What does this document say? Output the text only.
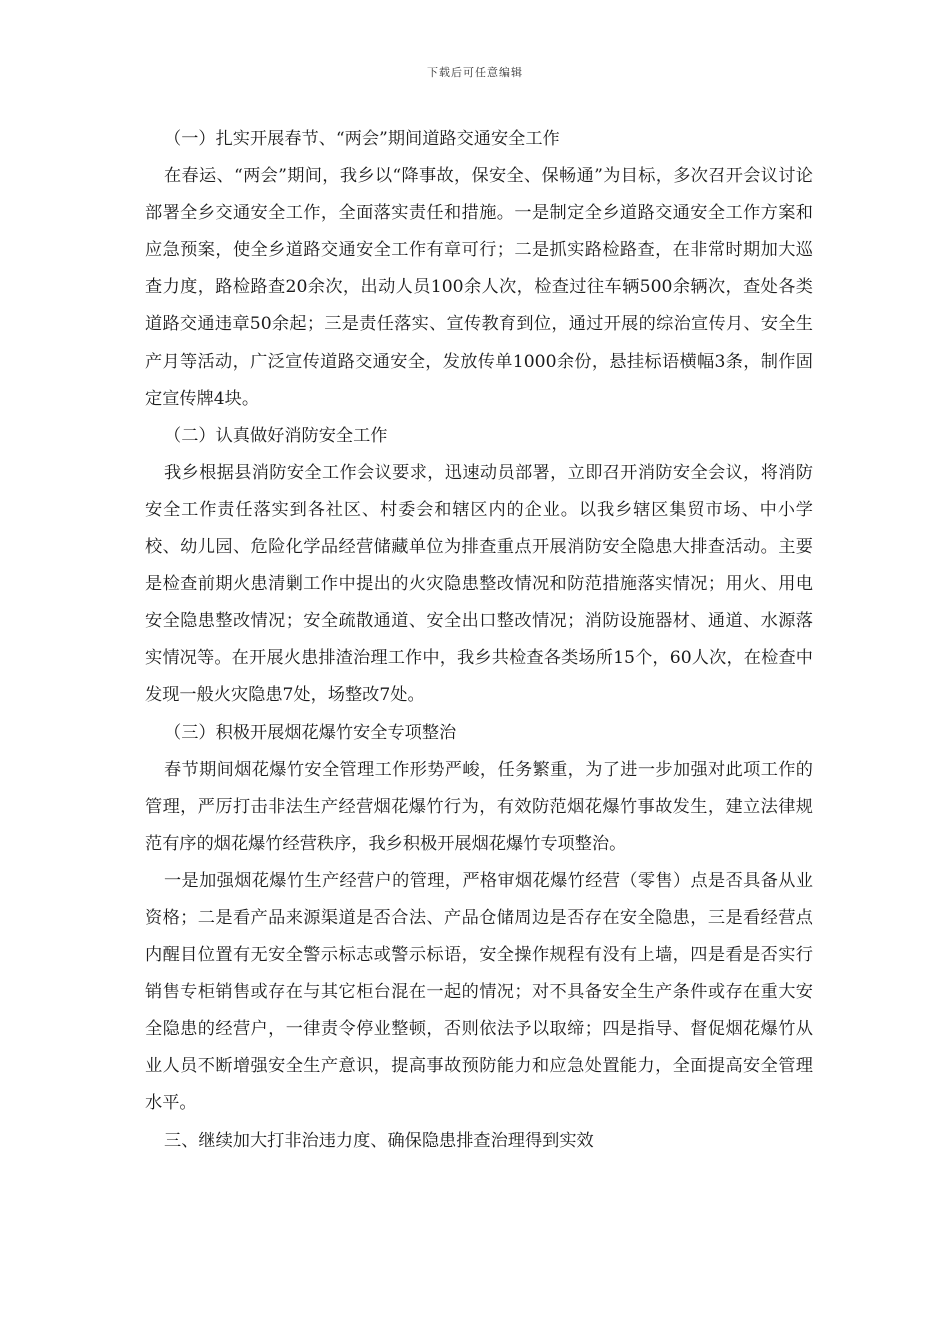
下载后可任意编辑

（一）扎实开展春节、“两会”期间道路交通安全工作

在春运、“两会”期间，我乡以“降事故，保安全、保畅通”为目标，多次召开会议讨论部署全乡交通安全工作，全面落实责任和措施。一是制定全乡道路交通安全工作方案和应急预案，使全乡道路交通安全工作有章可行；二是抓实路检路查，在非常时期加大巡查力度，路检路查20余次，出动人员100余人次，检查过往车辆500余辆次，查处各类道路交通违章50余起；三是责任落实、宣传教育到位，通过开展的综治宣传月、安全生产月等活动，广泛宣传道路交通安全，发放传单1000余份，悬挂标语横幅3条，制作固定宣传牌4块。

（二）认真做好消防安全工作

我乡根据县消防安全工作会议要求，迅速动员部署，立即召开消防安全会议，将消防安全工作责任落实到各社区、村委会和辖区内的企业。以我乡辖区集贸市场、中小学校、幼儿园、危险化学品经营储藏单位为排查重点开展消防安全隐患大排查活动。主要是检查前期火患清剿工作中提出的火灾隐患整改情况和防范措施落实情况；用火、用电安全隐患整改情况；安全疏散通道、安全出口整改情况；消防设施器材、通道、水源落实情况等。在开展火患排渣治理工作中，我乡共检查各类场所15个，60人次，在检查中发现一般火灾隐患7处，场整改7处。

（三）积极开展烟花爆竹安全专项整治

春节期间烟花爆竹安全管理工作形势严峻，任务繁重，为了进一步加强对此项工作的管理，严厉打击非法生产经营烟花爆竹行为，有效防范烟花爆竹事故发生，建立法律规范有序的烟花爆竹经营秩序，我乡积极开展烟花爆竹专项整治。

一是加强烟花爆竹生产经营户的管理，严格审烟花爆竹经营（零售）点是否具备从业资格；二是看产品来源渠道是否合法、产品仓储周边是否存在安全隐患，三是看经营点内醒目位置有无安全警示标志或警示标语，安全操作规程有没有上墙，四是看是否实行销售专柜销售或存在与其它柜台混在一起的情况；对不具备安全生产条件或存在重大安全隐患的经营户，一律责令停业整顿，否则依法予以取缔；四是指导、督促烟花爆竹从业人员不断增强安全生产意识，提高事故预防能力和应急处置能力，全面提高安全管理水平。

三、继续加大打非治违力度、确保隐患排查治理得到实效
